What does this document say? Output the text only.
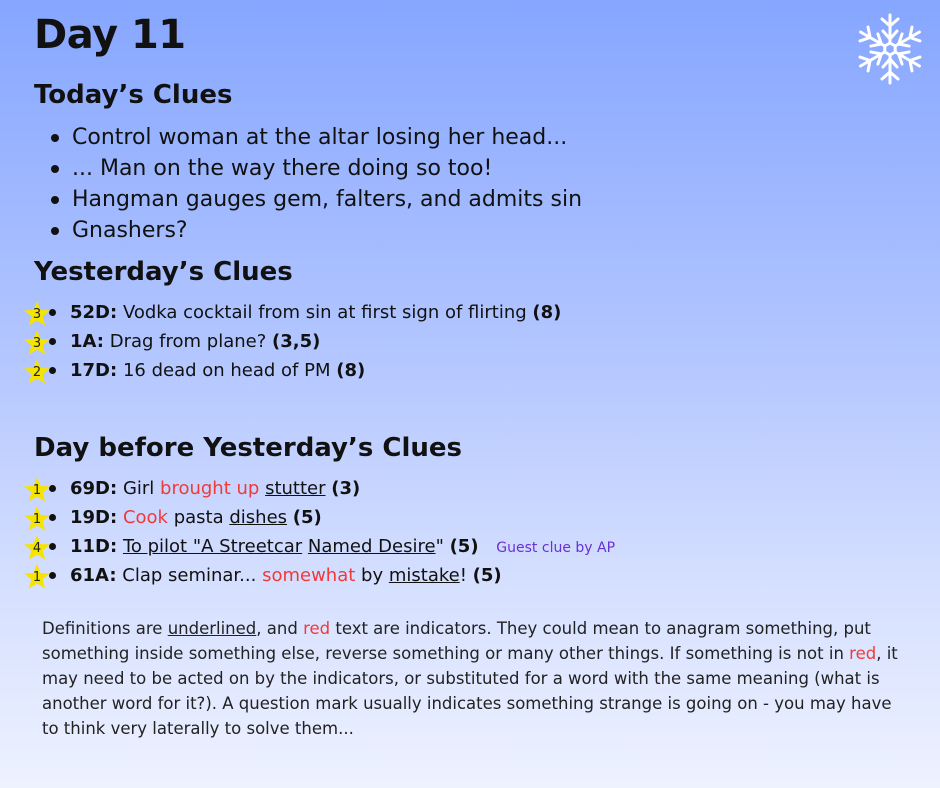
Day 11
Today’s Clues
Control woman at the altar losing her head...
... Man on the way there doing so too!
Hangman gauges gem, falters, and admits sin
Gnashers?
Yesterday’s Clues
3	52D: Vodka cocktail from sin at first sign of flirting (8)
3	1A: Drag from plane? (3,5)
2	17D: 16 dead on head of PM (8)
Day before Yesterday’s Clues
1	69D: Girl brought up stutter (3)
1	19D: Cook pasta dishes (5)
4	11D: To pilot "A Streetcar Named Desire" (5) Guest clue by AP
1	61A: Clap seminar... somewhat by mistake! (5)

Definitions are underlined, and red text are indicators. They could mean to anagram something, put something inside something else, reverse something or many other things. If something is not in red, it may need to be acted on by the indicators, or substituted for a word with the same meaning (what is another word for it?). A question mark usually indicates something strange is going on - you may have to think very laterally to solve them...
